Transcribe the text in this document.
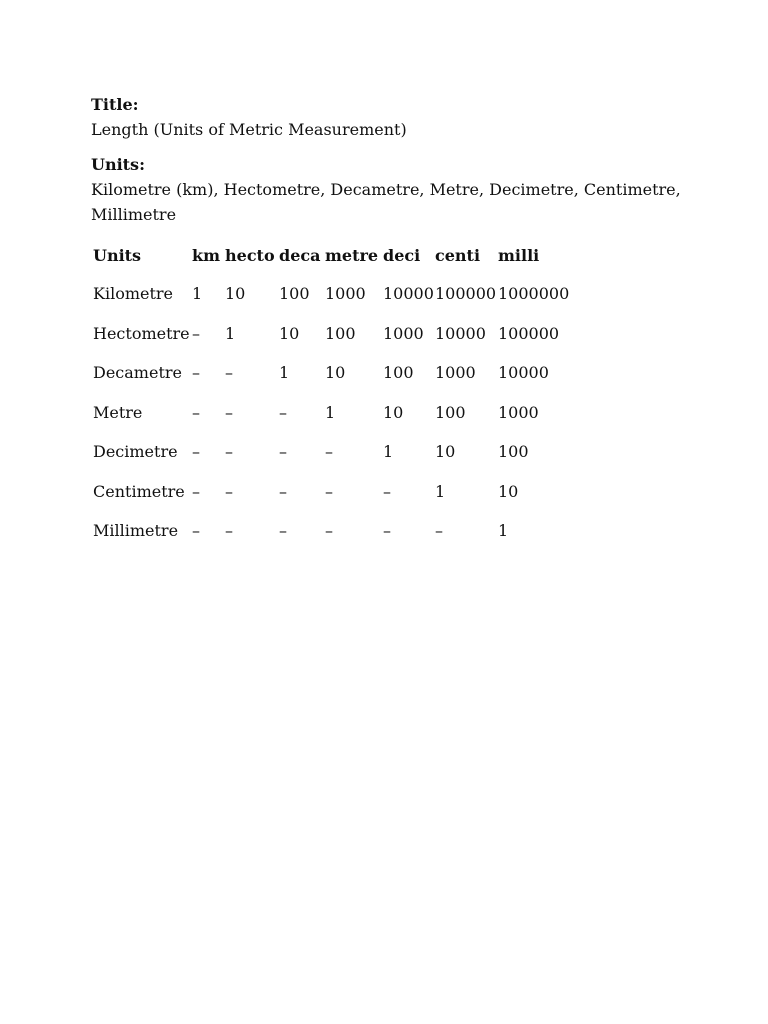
Title:

Length (Units of Metric Measurement)

Units:

Kilometre (km), Hectometre, Decametre, Metre, Decimetre, Centimetre, Millimetre

Units	km	hecto	deca	metre	deci	centi	milli
Kilometre	1	10	100	1000	10000	100000	1000000
Hectometre	–	1	10	100	1000	10000	100000
Decametre	–	–	1	10	100	1000	10000
Metre	–	–	–	1	10	100	1000
Decimetre	–	–	–	–	1	10	100
Centimetre	–	–	–	–	–	1	10
Millimetre	–	–	–	–	–	–	1
